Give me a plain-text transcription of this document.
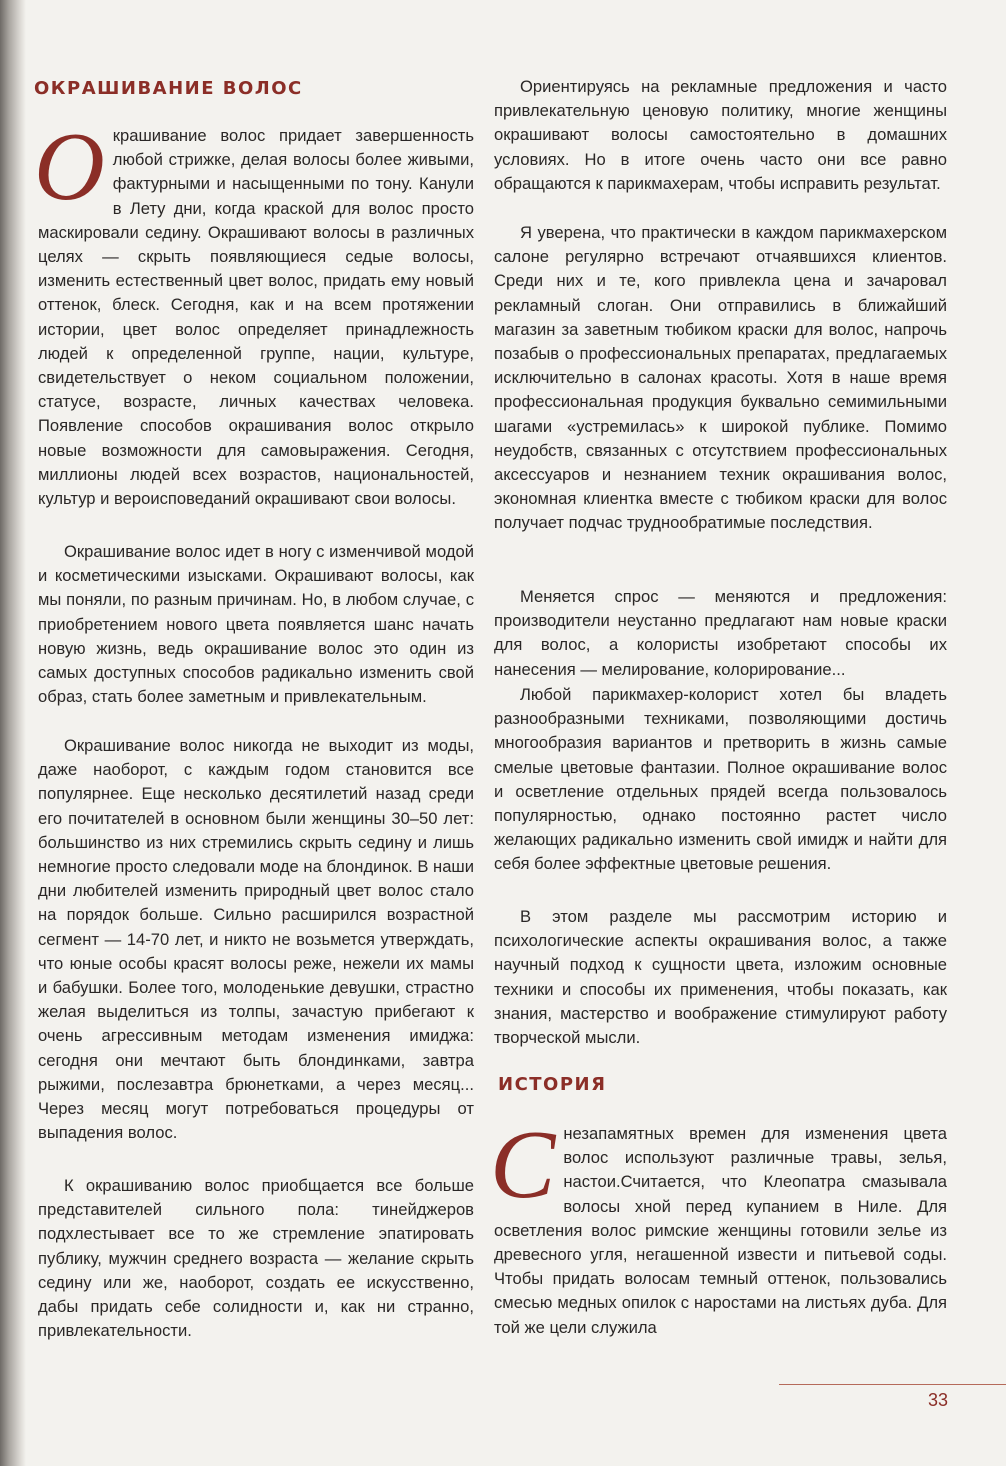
ОКРАШИВАНИЕ ВОЛОС

Окрашивание волос придает завершенность любой стрижке, делая волосы более живыми, фактурными и насыщенными по тону. Канули в Лету дни, когда краской для волос просто маскировали седину. Окрашивают волосы в различных целях — скрыть появляющиеся седые волосы, изменить естественный цвет волос, придать ему новый оттенок, блеск. Сегодня, как и на всем протяжении истории, цвет волос определяет принадлежность людей к определенной группе, нации, культуре, свидетельствует о неком социальном положении, статусе, возрасте, личных качествах человека. Появление способов окрашивания волос открыло новые возможности для самовыражения. Сегодня, миллионы людей всех возрастов, национальностей, культур и вероисповеданий окрашивают свои волосы.

Окрашивание волос идет в ногу с изменчивой модой и косметическими изысками. Окрашивают волосы, как мы поняли, по разным причинам. Но, в любом случае, с приобретением нового цвета появляется шанс начать новую жизнь, ведь окрашивание волос это один из самых доступных способов радикально изменить свой образ, стать более заметным и привлекательным.

Окрашивание волос никогда не выходит из моды, даже наоборот, с каждым годом становится все популярнее. Еще несколько десятилетий назад среди его почитателей в основном были женщины 30–50 лет: большинство из них стремились скрыть седину и лишь немногие просто следовали моде на блондинок. В наши дни любителей изменить природный цвет волос стало на порядок больше. Сильно расширился возрастной сегмент — 14-70 лет, и никто не возьмется утверждать, что юные особы красят волосы реже, нежели их мамы и бабушки. Более того, молоденькие девушки, страстно желая выделиться из толпы, зачастую прибегают к очень агрессивным методам изменения имиджа: сегодня они мечтают быть блондинками, завтра рыжими, послезавтра брюнетками, а через месяц... Через месяц могут потребоваться процедуры от выпадения волос.

К окрашиванию волос приобщается все больше представителей сильного пола: тинейджеров подхлестывает все то же стремление эпатировать публику, мужчин среднего возраста — желание скрыть седину или же, наоборот, создать ее искусственно, дабы придать себе солидности и, как ни странно, привлекательности.

Ориентируясь на рекламные предложения и часто привлекательную ценовую политику, многие женщины окрашивают волосы самостоятельно в домашних условиях. Но в итоге очень часто они все равно обращаются к парикмахерам, чтобы исправить результат.

Я уверена, что практически в каждом парикмахерском салоне регулярно встречают отчаявшихся клиентов. Среди них и те, кого привлекла цена и зачаровал рекламный слоган. Они отправились в ближайший магазин за заветным тюбиком краски для волос, напрочь позабыв о профессиональных препаратах, предлагаемых исключительно в салонах красоты. Хотя в наше время профессиональная продукция буквально семимильными шагами «устремилась» к широкой публике. Помимо неудобств, связанных с отсутствием профессиональных аксессуаров и незнанием техник окрашивания волос, экономная клиентка вместе с тюбиком краски для волос получает подчас труднообратимые последствия.

Меняется спрос — меняются и предложения: производители неустанно предлагают нам новые краски для волос, а колористы изобретают способы их нанесения — мелирование, колорирование...

Любой парикмахер-колорист хотел бы владеть разнообразными техниками, позволяющими достичь многообразия вариантов и претворить в жизнь самые смелые цветовые фантазии. Полное окрашивание волос и осветление отдельных прядей всегда пользовалось популярностью, однако постоянно растет число желающих радикально изменить свой имидж и найти для себя более эффектные цветовые решения.

В этом разделе мы рассмотрим историю и психологические аспекты окрашивания волос, а также научный подход к сущности цвета, изложим основные техники и способы их применения, чтобы показать, как знания, мастерство и воображение стимулируют работу творческой мысли.

ИСТОРИЯ

Снезапамятных времен для изменения цвета волос используют различные травы, зелья, настои.Считается, что Клеопатра смазывала волосы хной перед купанием в Ниле. Для осветления волос римские женщины готовили зелье из древесного угля, негашенной извести и питьевой соды. Чтобы придать волосам темный оттенок, пользовались смесью медных опилок с наростами на листьях дуба. Для той же цели служила

33
